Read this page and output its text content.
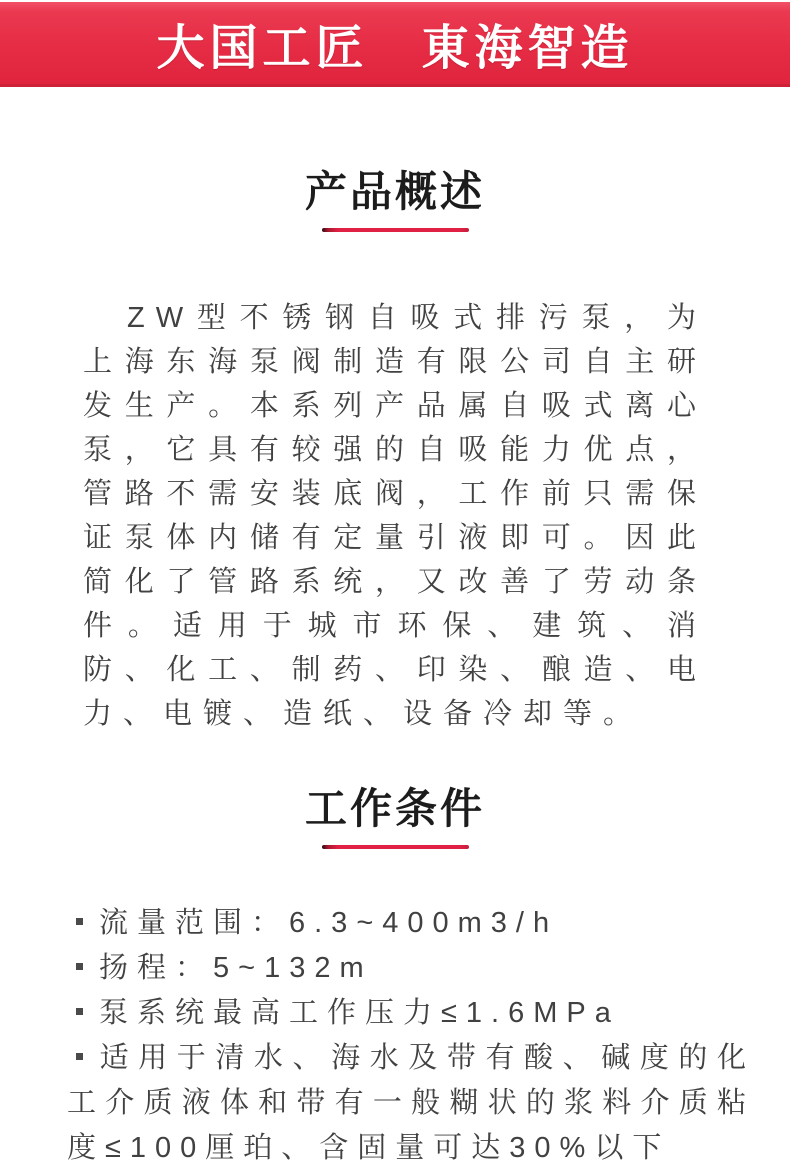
大国工匠　東海智造
产品概述

ZW型不锈钢自吸式排污泵，为上海东海泵阀制造有限公司自主研发生产。本系列产品属自吸式离心泵，它具有较强的自吸能力优点，管路不需安装底阀，工作前只需保证泵体内储有定量引液即可。因此简化了管路系统，又改善了劳动条件。适用于城市环保、建筑、消防、化工、制药、印染、酿造、电力、电镀、造纸、设备冷却等。

工作条件
流量范围：6.3~400m3/h
扬程：5~132m
泵系统最高工作压力≤1.6MPa
适用于清水、海水及带有酸、碱度的化工介质液体和带有一般糊状的浆料介质粘度≤100厘珀、含固量可达30%以下
